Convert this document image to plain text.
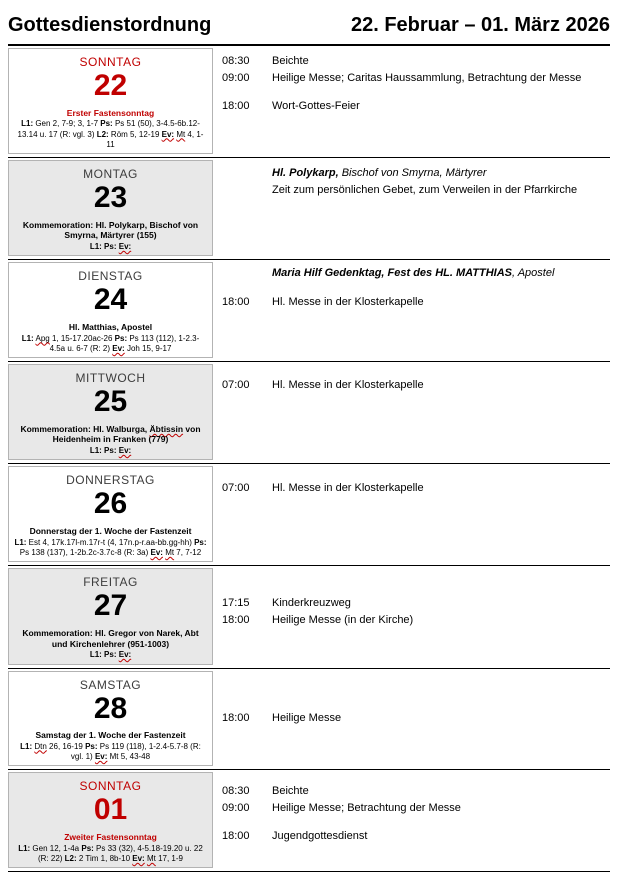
Gottesdienstordnung	22. Februar – 01. März 2026
SONNTAG
22
Erster Fastensonntag
L1: Gen 2, 7-9; 3, 1-7 Ps: Ps 51 (50), 3-4.5-6b.12-13.14 u. 17 (R: vgl. 3) L2: Röm 5, 12-19 Ev: Mt 4, 1-11
08:30	Beichte
09:00	Heilige Messe; Caritas Haussammlung, Betrachtung der Messe
18:00	Wort-Gottes-Feier
MONTAG
23
Kommemoration: Hl. Polykarp, Bischof von Smyrna, Märtyrer (155)
L1: Ps: Ev:
Hl. Polykarp, Bischof von Smyrna, Märtyrer
Zeit zum persönlichen Gebet, zum Verweilen in der Pfarrkirche
DIENSTAG
24
Hl. Matthias, Apostel
L1: Apg 1, 15-17.20ac-26 Ps: Ps 113 (112), 1-2.3-4.5a u. 6-7 (R: 2) Ev: Joh 15, 9-17
Maria Hilf Gedenktag, Fest des HL. MATTHIAS, Apostel
18:00	Hl. Messe in der Klosterkapelle
MITTWOCH
25
Kommemoration: Hl. Walburga, Äbtissin von Heidenheim in Franken (779)
L1: Ps: Ev:
07:00	Hl. Messe in der Klosterkapelle
DONNERSTAG
26
Donnerstag der 1. Woche der Fastenzeit
L1: Est 4, 17k.17l-m.17r-t (4, 17n.p-r.aa-bb.gg-hh) Ps: Ps 138 (137), 1-2b.2c-3.7c-8 (R: 3a) Ev: Mt 7, 7-12
07:00	Hl. Messe in der Klosterkapelle
FREITAG
27
Kommemoration: Hl. Gregor von Narek, Abt und Kirchenlehrer (951-1003)
L1: Ps: Ev:
17:15	Kinderkreuzweg
18:00	Heilige Messe (in der Kirche)
SAMSTAG
28
Samstag der 1. Woche der Fastenzeit
L1: Dtn 26, 16-19 Ps: Ps 119 (118), 1-2.4-5.7-8 (R: vgl. 1) Ev: Mt 5, 43-48
18:00	Heilige Messe
SONNTAG
01
Zweiter Fastensonntag
L1: Gen 12, 1-4a Ps: Ps 33 (32), 4-5.18-19.20 u. 22 (R: 22) L2: 2 Tim 1, 8b-10 Ev: Mt 17, 1-9
08:30	Beichte
09:00	Heilige Messe; Betrachtung der Messe
18:00	Jugendgottesdienst
